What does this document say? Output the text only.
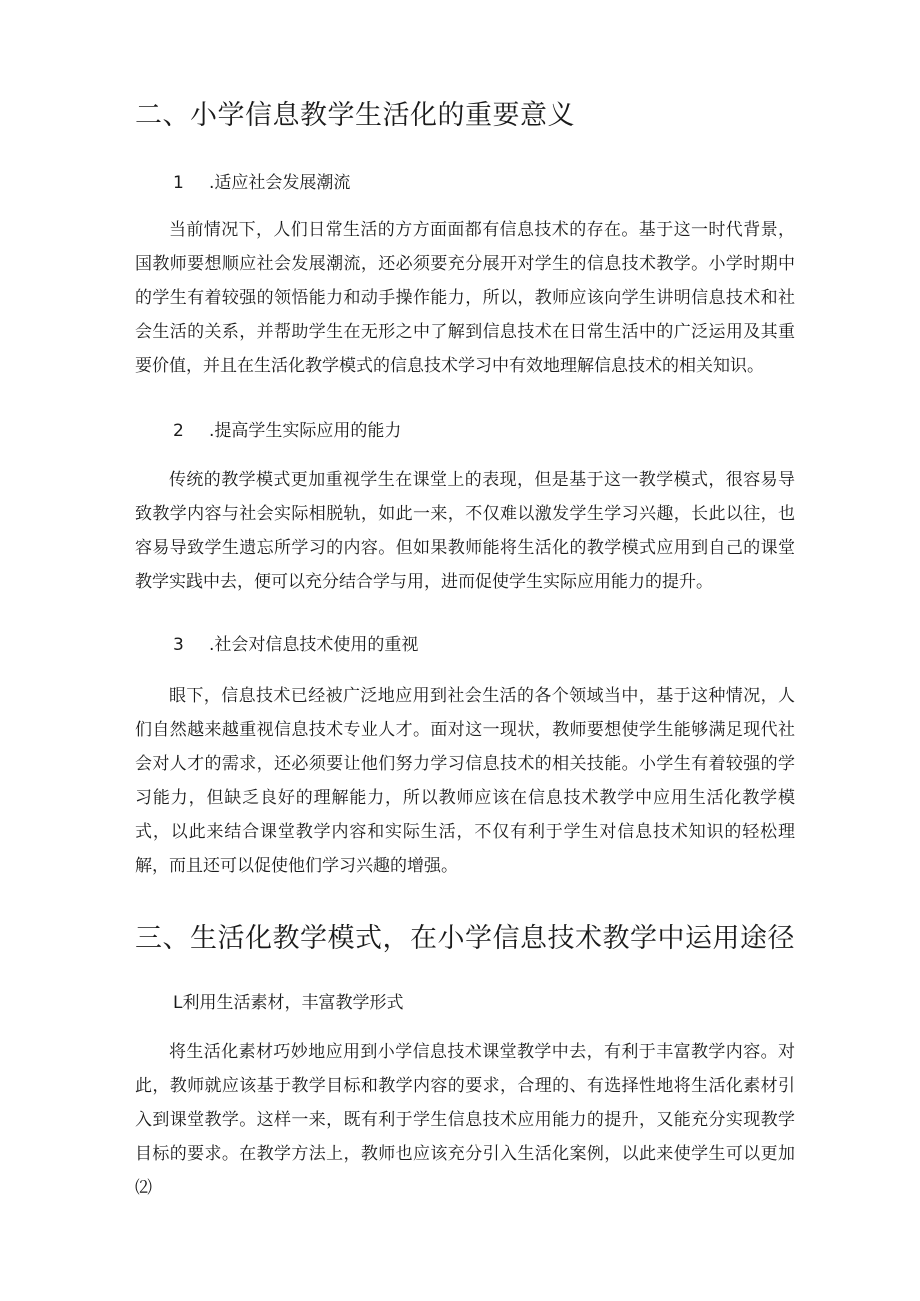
二、小学信息教学生活化的重要意义
1 .适应社会发展潮流

当前情况下，人们日常生活的方方面面都有信息技术的存在。基于这一时代背景，国教师要想顺应社会发展潮流，还必须要充分展开对学生的信息技术教学。小学时期中的学生有着较强的领悟能力和动手操作能力，所以，教师应该向学生讲明信息技术和社会生活的关系，并帮助学生在无形之中了解到信息技术在日常生活中的广泛运用及其重要价值，并且在生活化教学模式的信息技术学习中有效地理解信息技术的相关知识。

2 .提高学生实际应用的能力

传统的教学模式更加重视学生在课堂上的表现，但是基于这一教学模式，很容易导致教学内容与社会实际相脱轨，如此一来，不仅难以激发学生学习兴趣，长此以往，也容易导致学生遗忘所学习的内容。但如果教师能将生活化的教学模式应用到自己的课堂教学实践中去，便可以充分结合学与用，进而促使学生实际应用能力的提升。

3 .社会对信息技术使用的重视

眼下，信息技术已经被广泛地应用到社会生活的各个领域当中，基于这种情况，人们自然越来越重视信息技术专业人才。面对这一现状，教师要想使学生能够满足现代社会对人才的需求，还必须要让他们努力学习信息技术的相关技能。小学生有着较强的学习能力，但缺乏良好的理解能力，所以教师应该在信息技术教学中应用生活化教学模式，以此来结合课堂教学内容和实际生活，不仅有利于学生对信息技术知识的轻松理解，而且还可以促使他们学习兴趣的增强。

三、生活化教学模式，在小学信息技术教学中运用途径
L利用生活素材，丰富教学形式

将生活化素材巧妙地应用到小学信息技术课堂教学中去，有利于丰富教学内容。对此，教师就应该基于教学目标和教学内容的要求，合理的、有选择性地将生活化素材引入到课堂教学。这样一来，既有利于学生信息技术应用能力的提升，又能充分实现教学目标的要求。在教学方法上，教师也应该充分引入生活化案例，以此来使学生可以更加⑵
